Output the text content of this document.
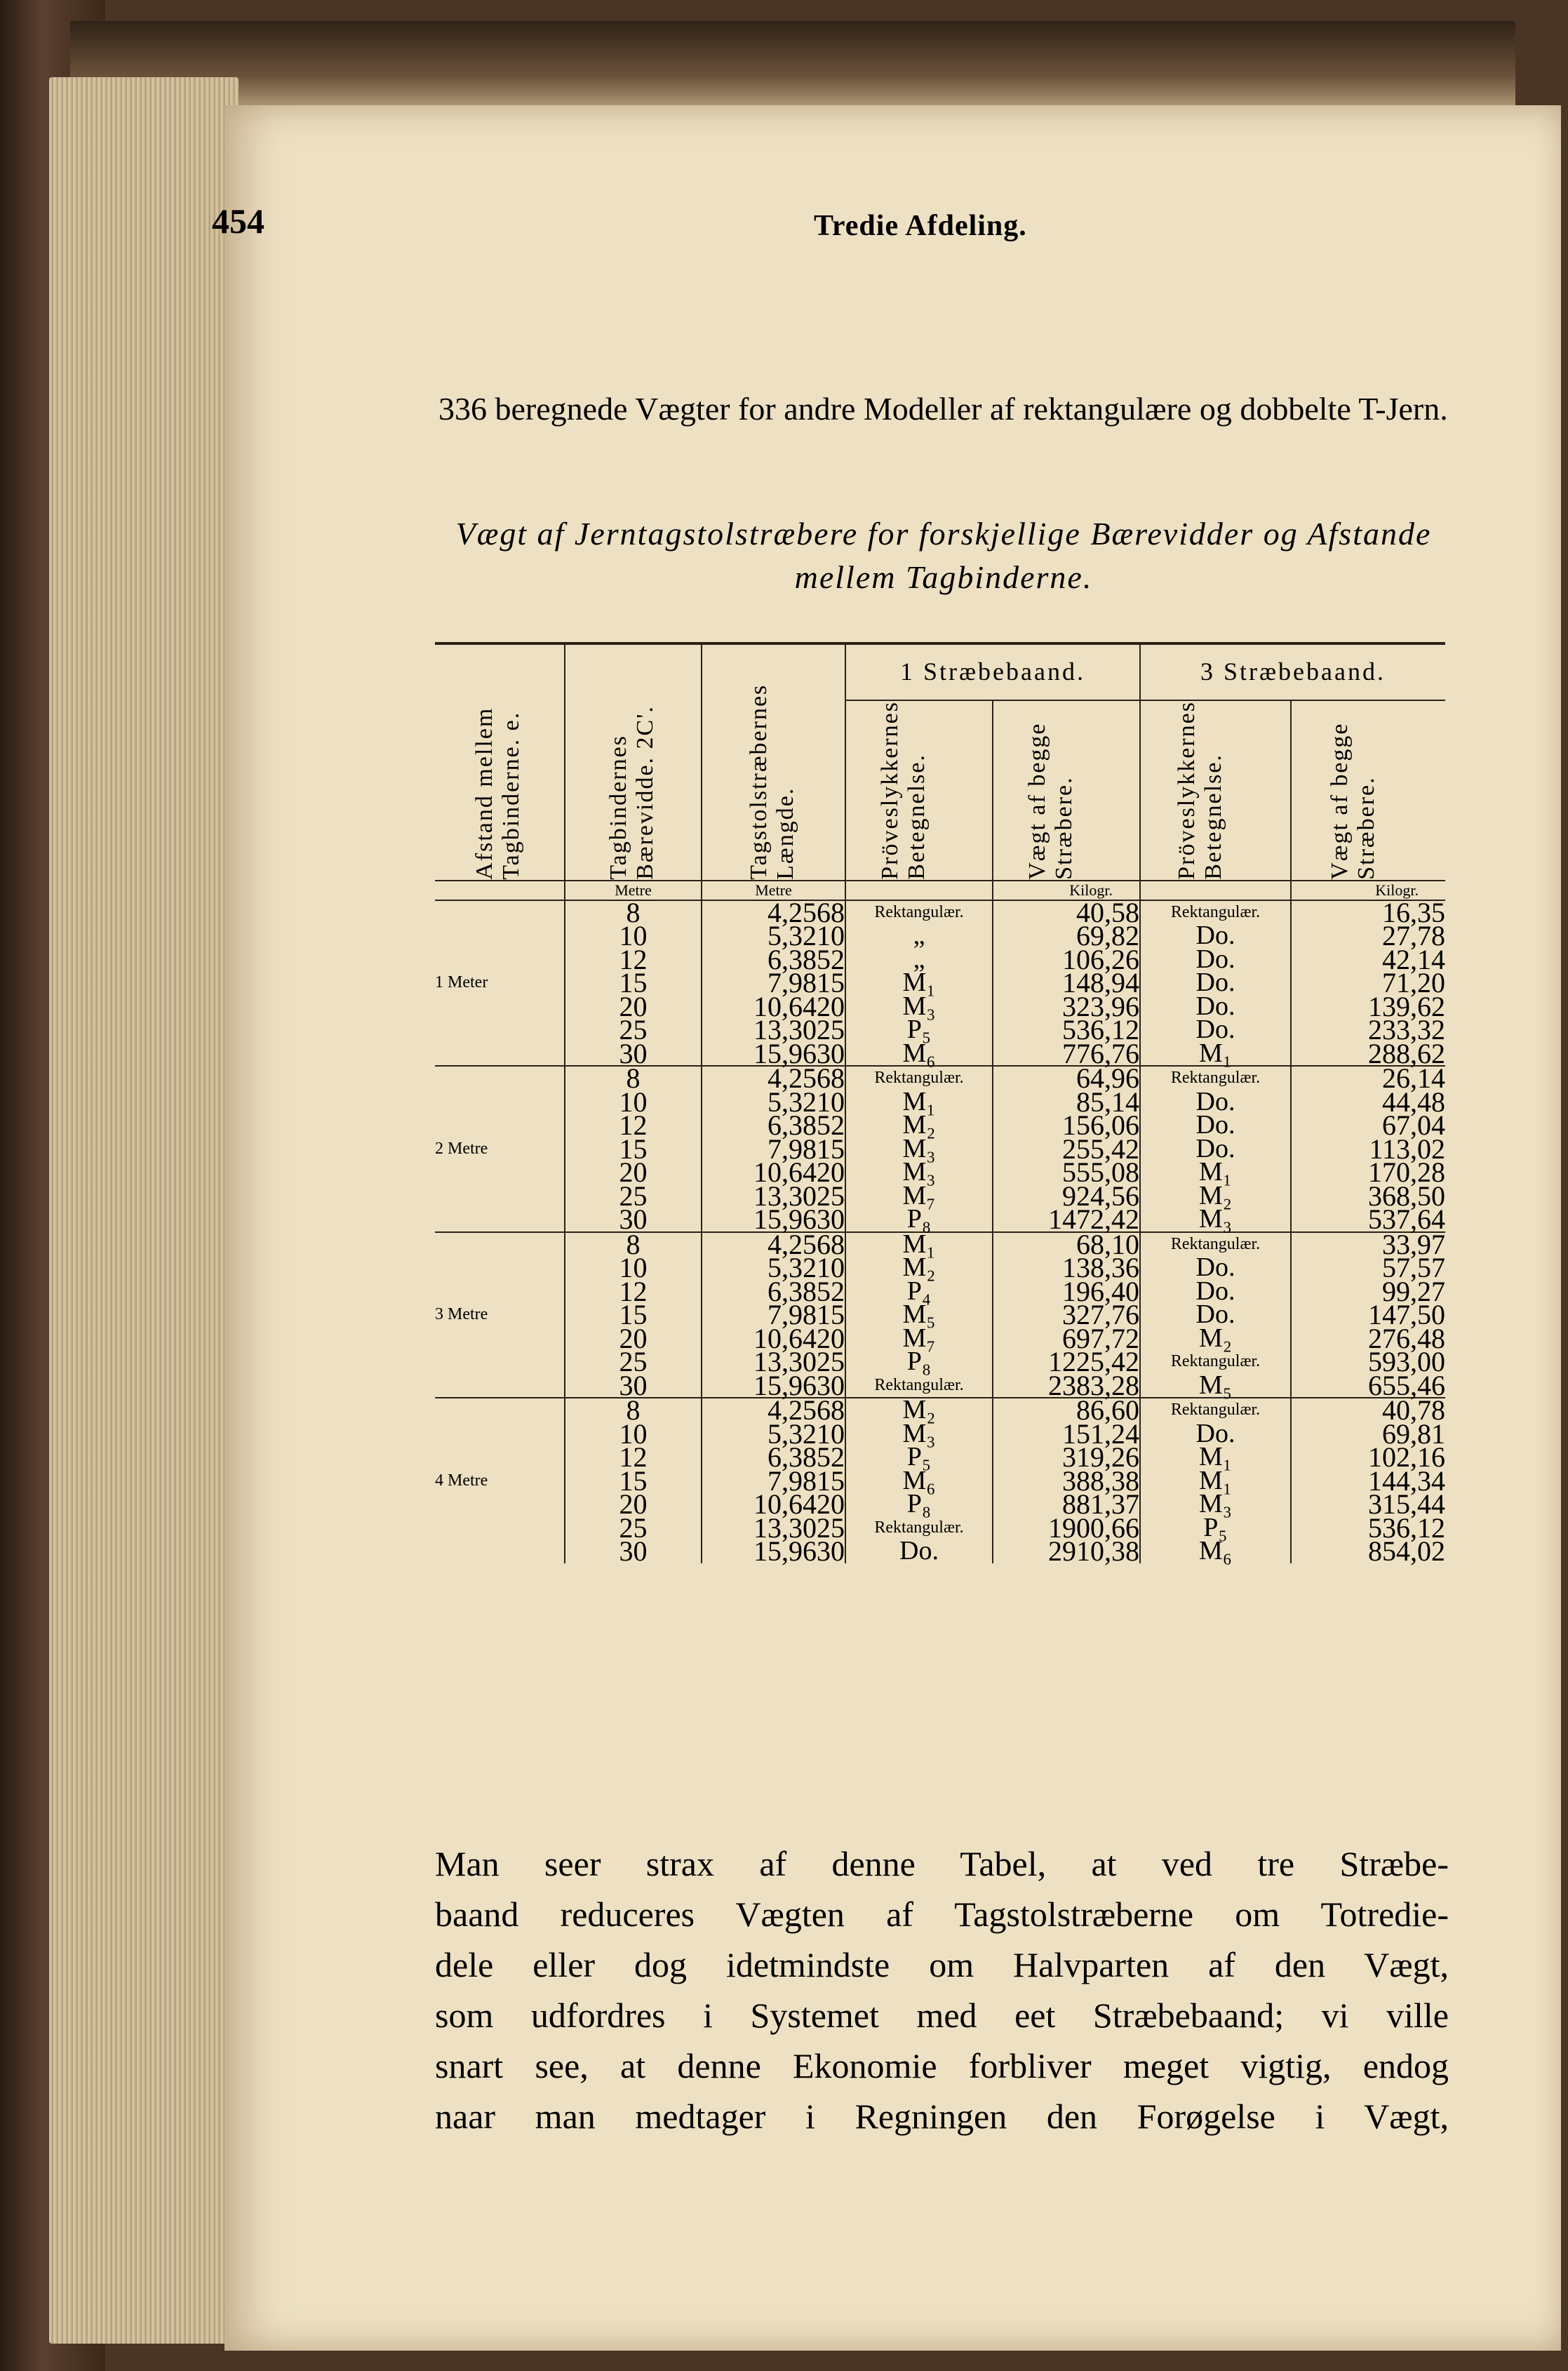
454	Tredie Afdeling.
336 beregnede Vægter for andre Modeller af rektangulære og dobbelte T-Jern.
Vægt af Jerntagstolstræbere for forskjellige Bærevidder og Afstande mellem Tagbinderne.
Afstand mellem Tagbinderne. e.	Tagbindernes Bærevidde. 2C'.	Tagstolstræbernes Længde.	1 Stræbebaand.		3 Stræbebaand.	

			Pröveslykkernes Betegnelse.	Vægt af begge Stræbere.	Pröveslykkernes Betegnelse.	Vægt af begge Stræbere.

	Metre	Metre		Kilogr.		Kilogr.
1 Meter	8	4,2568	Rektangulær.	40,58	Rektangulær.	16,35
	10	5,3210	„	69,82	Do.	27,78
	12	6,3852	„	106,26	Do.	42,14
	15	7,9815	M₁	148,94	Do.	71,20
	20	10,6420	M₃	323,96	Do.	139,62
	25	13,3025	P₅	536,12	Do.	233,32
	30	15,9630	M₆	776,76	M₁	288,62
2 Metre	8	4,2568	Rektangulær.	64,96	Rektangulær.	26,14
	10	5,3210	M₁	85,14	Do.	44,48
	12	6,3852	M₂	156,06	Do.	67,04
	15	7,9815	M₃	255,42	Do.	113,02
	20	10,6420	M₃	555,08	M₁	170,28
	25	13,3025	M₇	924,56	M₂	368,50
	30	15,9630	P₈	1472,42	M₃	537,64
3 Metre	8	4,2568	M₁	68,10	Rektangulær.	33,97
	10	5,3210	M₂	138,36	Do.	57,57
	12	6,3852	P₄	196,40	Do.	99,27
	15	7,9815	M₅	327,76	Do.	147,50
	20	10,6420	M₇	697,72	M₂	276,48
	25	13,3025	P₈	1225,42	Rektangulær.	593,00
	30	15,9630	Rektangulær.	2383,28	M₅	655,46
4 Metre	8	4,2568	M₂	86,60	Rektangulær.	40,78
	10	5,3210	M₃	151,24	Do.	69,81
	12	6,3852	P₅	319,26	M₁	102,16
	15	7,9815	M₆	388,38	M₁	144,34
	20	10,6420	P₈	881,37	M₃	315,44
	25	13,3025	Rektangulær.	1900,66	P₅	536,12
	30	15,9630	Do.	2910,38	M₆	854,02

Man seer strax af denne Tabel, at ved tre Stræbe-

baand reduceres Vægten af Tagstolstræberne om Totredie-

dele eller dog idetmindste om Halvparten af den Vægt,

som udfordres i Systemet med eet Stræbebaand; vi ville

snart see, at denne Ekonomie forbliver meget vigtig, endog

naar man medtager i Regningen den Forøgelse i Vægt,
